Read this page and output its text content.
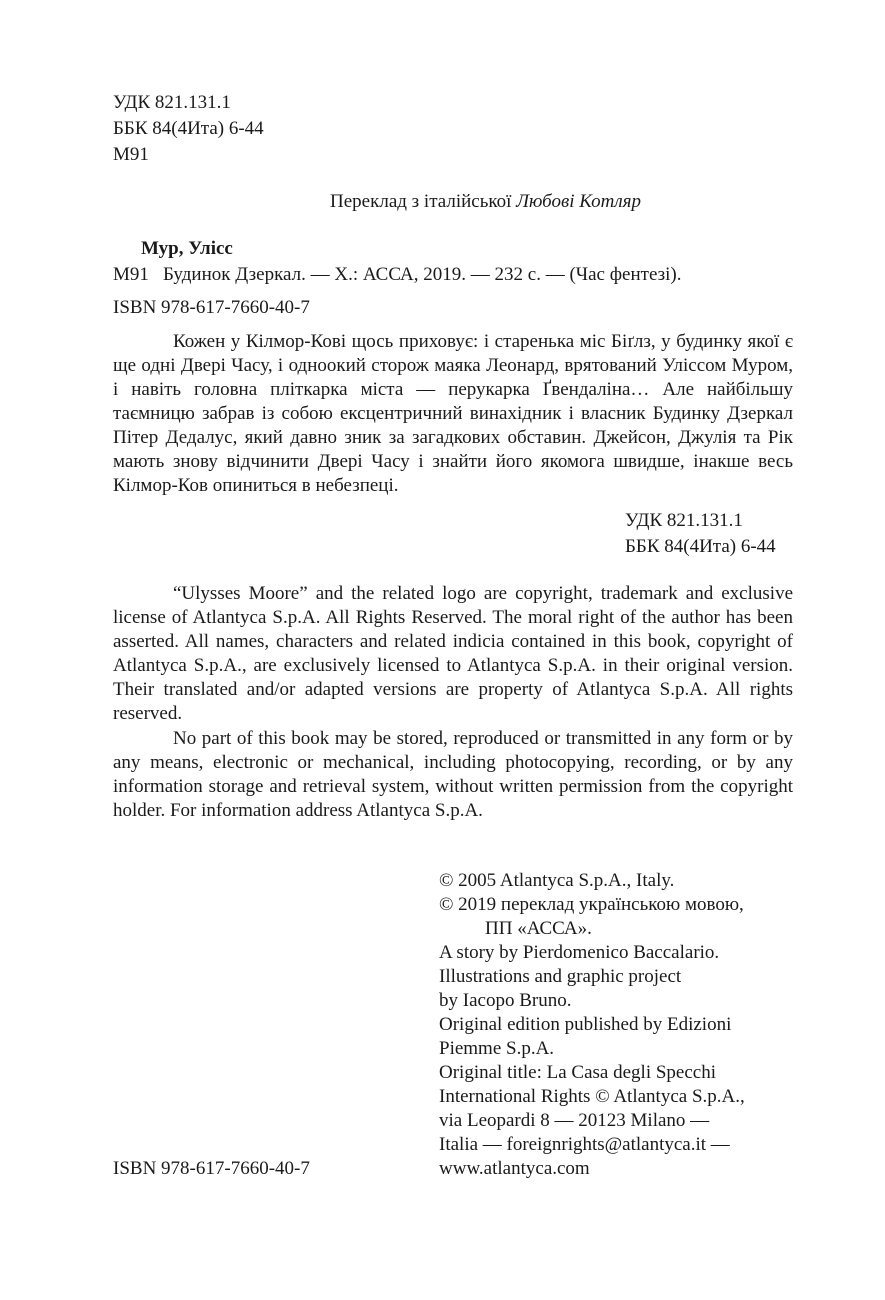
УДК 821.131.1
ББК 84(4Ита) 6-44
М91
Переклад з італійської Любові Котляр
Мур, Улісс
М91 Будинок Дзеркал. — Х.: АССА, 2019. — 232 с. — (Час фентезі).
ISBN 978-617-7660-40-7

Кожен у Кілмор-Кові щось приховує: і старенька міс Біґлз, у будинку якої є ще одні Двері Часу, і одноокий сторож маяка Леонард, врятований Уліссом Муром, і навіть головна пліткарка міста — перукарка Ґвендаліна… Але найбільшу таємницю забрав із собою ексцентричний винахідник і власник Будинку Дзеркал Пітер Дедалус, який давно зник за загадкових обставин. Джейсон, Джулія та Рік мають знову відчинити Двері Часу і знайти його якомога швидше, інакше весь Кілмор-Ков опиниться в небезпеці.

УДК 821.131.1
ББК 84(4Ита) 6-44

“Ulysses Moore” and the related logo are copyright, trademark and exclusive license of Atlantyca S.p.A. All Rights Reserved. The moral right of the author has been asserted. All names, characters and related indicia contained in this book, copyright of Atlantyca S.p.A., are exclusively licensed to Atlantyca S.p.A. in their original version. Their translated and/or adapted versions are property of Atlantyca S.p.A. All rights reserved.

No part of this book may be stored, reproduced or transmitted in any form or by any means, electronic or mechanical, including photocopying, recording, or by any information storage and retrieval system, without written permission from the copyright holder. For information address Atlantyca S.p.A.

© 2005 Atlantyca S.p.A., Italy.
© 2019 переклад українською мовою,
ПП «АССА».
A story by Pierdomenico Baccalario.
Illustrations and graphic project
by Iacopo Bruno.
Original edition published by Edizioni
Piemme S.p.A.
Original title: La Casa degli Specchi
International Rights © Atlantyca S.p.A.,
via Leopardi 8 — 20123 Milano —
Italia — foreignrights@atlantyca.it —
www.atlantyca.com
ISBN 978-617-7660-40-7
